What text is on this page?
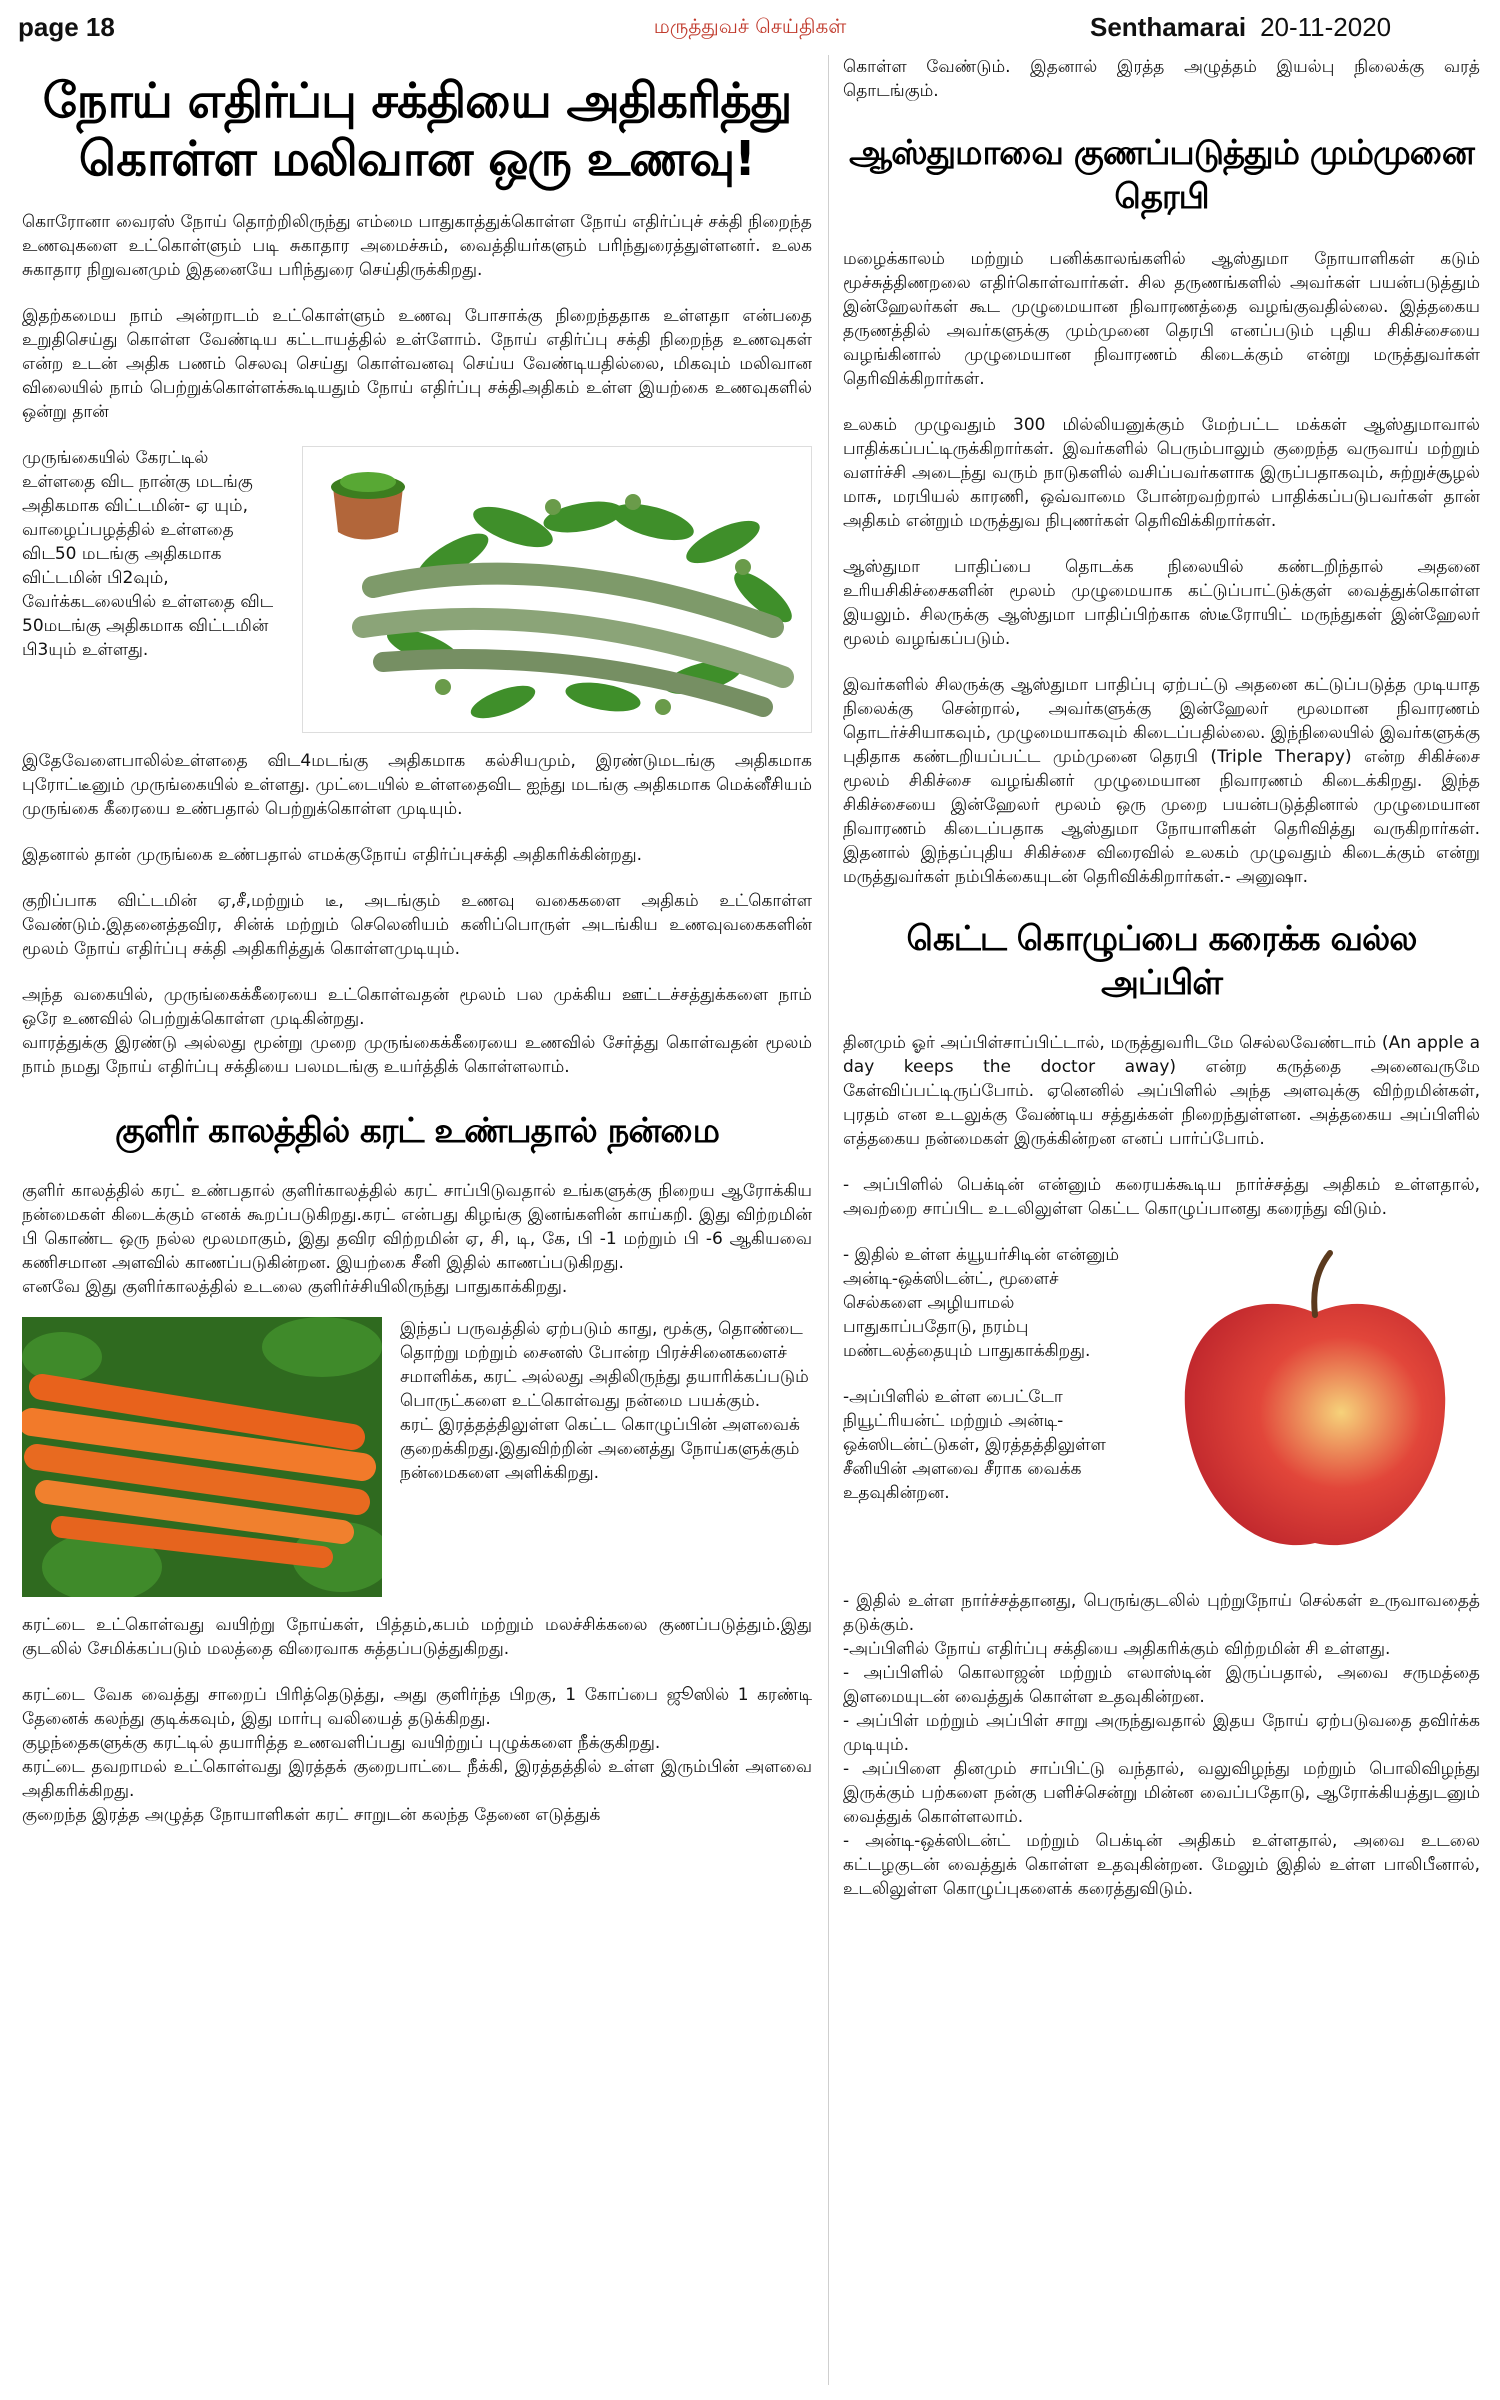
page 18	மருத்துவச் செய்திகள்	Senthamarai 20-11-2020
நோய் எதிர்ப்பு சக்தியை அதிகரித்து
கொள்ள மலிவான ஒரு உணவு!

கொரோனா வைரஸ் நோய் தொற்றிலிருந்து எம்மை பாதுகாத்துக்கொள்ள நோய் எதிர்ப்புச் சக்தி நிறைந்த உணவுகளை உட்கொள்ளும் படி சுகாதார அமைச்சும், வைத்தியர்களும் பரிந்துரைத்துள்ளனர். உலக சுகாதார நிறுவனமும் இதனையே பரிந்துரை செய்திருக்கிறது.

இதற்கமைய நாம் அன்றாடம் உட்கொள்ளும் உணவு போசாக்கு நிறைந்ததாக உள்ளதா என்பதை உறுதிசெய்து கொள்ள வேண்டிய கட்டாயத்தில் உள்ளோம். நோய் எதிர்ப்பு சக்தி நிறைந்த உணவுகள் என்ற உடன் அதிக பணம் செலவு செய்து கொள்வனவு செய்ய வேண்டியதில்லை, மிகவும் மலிவான விலையில் நாம் பெற்றுக்கொள்ளக்கூடியதும் நோய் எதிர்ப்பு சக்திஅதிகம் உள்ள இயற்கை உணவுகளில் ஒன்று தான்

முருங்கையில் கேரட்டில் உள்ளதை விட நான்கு மடங்கு அதிகமாக விட்டமின்- ஏ யும், வாழைப்பழத்தில் உள்ளதை விட50 மடங்கு அதிகமாக விட்டமின் பி2வும், வேர்க்கடலையில் உள்ளதை விட 50மடங்கு அதிகமாக விட்டமின் பி3யும் உள்ளது.

இதேவேளைபாலில்உள்ளதை விட4மடங்கு அதிகமாக கல்சியமும், இரண்டுமடங்கு அதிகமாக புரோட்டீனும் முருங்கையில் உள்ளது. முட்டையில் உள்ளதைவிட ஐந்து மடங்கு அதிகமாக மெக்னீசியம் முருங்கை கீரையை உண்பதால் பெற்றுக்கொள்ள முடியும்.

இதனால் தான் முருங்கை உண்பதால் எமக்குநோய் எதிர்ப்புசக்தி அதிகரிக்கின்றது.

குறிப்பாக விட்டமின் ஏ,சீ,மற்றும் டீ, அடங்கும் உணவு வகைகளை அதிகம் உட்கொள்ள வேண்டும்.இதனைத்தவிர, சின்க் மற்றும் செலெனியம் கனிப்பொருள் அடங்கிய உணவுவகைகளின் மூலம் நோய் எதிர்ப்பு சக்தி அதிகரித்துக் கொள்ளமுடியும்.

அந்த வகையில், முருங்கைக்கீரையை உட்கொள்வதன் மூலம் பல முக்கிய ஊட்டச்சத்துக்களை நாம் ஒரே உணவில் பெற்றுக்கொள்ள முடிகின்றது.

வாரத்துக்கு இரண்டு அல்லது மூன்று முறை முருங்கைக்கீரையை உணவில் சேர்த்து கொள்வதன் மூலம் நாம் நமது நோய் எதிர்ப்பு சக்தியை பலமடங்கு உயர்த்திக் கொள்ளலாம்.

குளிர் காலத்தில் கரட் உண்பதால் நன்மை

குளிர் காலத்தில் கரட் உண்பதால் குளிர்காலத்தில் கரட் சாப்பிடுவதால் உங்களுக்கு நிறைய ஆரோக்கிய நன்மைகள் கிடைக்கும் எனக் கூறப்படுகிறது.கரட் என்பது கிழங்கு இனங்களின் காய்கறி. இது விற்றமின் பி கொண்ட ஒரு நல்ல மூலமாகும், இது தவிர விற்றமின் ஏ, சி, டி, கே, பி -1 மற்றும் பி -6 ஆகியவை கணிசமான அளவில் காணப்படுகின்றன. இயற்கை சீனி இதில் காணப்படுகிறது.

எனவே இது குளிர்காலத்தில் உடலை குளிர்ச்சியிலிருந்து பாதுகாக்கிறது.

இந்தப் பருவத்தில் ஏற்படும் காது, மூக்கு, தொண்டை தொற்று மற்றும் சைனஸ் போன்ற பிரச்சினைகளைச் சமாளிக்க, கரட் அல்லது அதிலிருந்து தயாரிக்கப்படும் பொருட்களை உட்கொள்வது நன்மை பயக்கும்.

கரட் இரத்தத்திலுள்ள கெட்ட கொழுப்பின் அளவைக் குறைக்கிறது.இதுவிற்றின் அனைத்து நோய்களுக்கும் நன்மைகளை அளிக்கிறது.

கரட்டை உட்கொள்வது வயிற்று நோய்கள், பித்தம்,கபம் மற்றும் மலச்சிக்கலை குணப்படுத்தும்.இது குடலில் சேமிக்கப்படும் மலத்தை விரைவாக சுத்தப்படுத்துகிறது.

கரட்டை வேக வைத்து சாறைப் பிரித்தெடுத்து, அது குளிர்ந்த பிறகு, 1 கோப்பை ஜூஸில் 1 கரண்டி தேனைக் கலந்து குடிக்கவும், இது மார்பு வலியைத் தடுக்கிறது.

குழந்தைகளுக்கு கரட்டில் தயாரித்த உணவளிப்பது வயிற்றுப் புழுக்களை நீக்குகிறது.

கரட்டை தவறாமல் உட்கொள்வது இரத்தக் குறைபாட்டை நீக்கி, இரத்தத்தில் உள்ள இரும்பின் அளவை அதிகரிக்கிறது.

குறைந்த இரத்த அழுத்த நோயாளிகள் கரட் சாறுடன் கலந்த தேனை எடுத்துக்

கொள்ள வேண்டும். இதனால் இரத்த அழுத்தம் இயல்பு நிலைக்கு வரத் தொடங்கும்.

ஆஸ்துமாவை குணப்படுத்தும் மும்முனை தெரபி

மழைக்காலம் மற்றும் பனிக்காலங்களில் ஆஸ்துமா நோயாளிகள் கடும் மூச்சுத்திணறலை எதிர்கொள்வார்கள். சில தருணங்களில் அவர்கள் பயன்படுத்தும் இன்ஹேலர்கள் கூட முழுமையான நிவாரணத்தை வழங்குவதில்லை. இத்தகைய தருணத்தில் அவர்களுக்கு மும்முனை தெரபி எனப்படும் புதிய சிகிச்சையை வழங்கினால் முழுமையான நிவாரணம் கிடைக்கும் என்று மருத்துவர்கள் தெரிவிக்கிறார்கள்.

உலகம் முழுவதும் 300 மில்லியனுக்கும் மேற்பட்ட மக்கள் ஆஸ்துமாவால் பாதிக்கப்பட்டிருக்கிறார்கள். இவர்களில் பெரும்பாலும் குறைந்த வருவாய் மற்றும் வளர்ச்சி அடைந்து வரும் நாடுகளில் வசிப்பவர்களாக இருப்பதாகவும், சுற்றுச்சூழல் மாசு, மரபியல் காரணி, ஒவ்வாமை போன்றவற்றால் பாதிக்கப்படுபவர்கள் தான் அதிகம் என்றும் மருத்துவ நிபுணர்கள் தெரிவிக்கிறார்கள்.

ஆஸ்துமா பாதிப்பை தொடக்க நிலையில் கண்டறிந்தால் அதனை உரியசிகிச்சைகளின் மூலம் முழுமையாக கட்டுப்பாட்டுக்குள் வைத்துக்கொள்ள இயலும். சிலருக்கு ஆஸ்துமா பாதிப்பிற்காக ஸ்டீரோயிட் மருந்துகள் இன்ஹேலர் மூலம் வழங்கப்படும்.

இவர்களில் சிலருக்கு ஆஸ்துமா பாதிப்பு ஏற்பட்டு அதனை கட்டுப்படுத்த முடியாத நிலைக்கு சென்றால், அவர்களுக்கு இன்ஹேலர் மூலமான நிவாரணம் தொடர்ச்சியாகவும், முழுமையாகவும் கிடைப்பதில்லை. இந்நிலையில் இவர்களுக்கு புதிதாக கண்டறியப்பட்ட மும்முனை தெரபி (Triple Therapy) என்ற சிகிச்சை மூலம் சிகிச்சை வழங்கினர் முழுமையான நிவாரணம் கிடைக்கிறது. இந்த சிகிச்சையை இன்ஹேலர் மூலம் ஒரு முறை பயன்படுத்தினால் முழுமையான நிவாரணம் கிடைப்பதாக ஆஸ்துமா நோயாளிகள் தெரிவித்து வருகிறார்கள். இதனால் இந்தப்புதிய சிகிச்சை விரைவில் உலகம் முழுவதும் கிடைக்கும் என்று மருத்துவர்கள் நம்பிக்கையுடன் தெரிவிக்கிறார்கள்.- அனுஷா.

கெட்ட கொழுப்பை கரைக்க வல்ல அப்பிள்

தினமும் ஓர் அப்பிள்சாப்பிட்டால், மருத்துவரிடமே செல்லவேண்டாம் (An apple a day keeps the doctor away) என்ற கருத்தை அனைவருமே கேள்விப்பட்டிருப்போம். ஏனெனில் அப்பிளில் அந்த அளவுக்கு விற்றமின்கள், புரதம் என உடலுக்கு வேண்டிய சத்துக்கள் நிறைந்துள்ளன. அத்தகைய அப்பிளில் எத்தகைய நன்மைகள் இருக்கின்றன எனப் பார்ப்போம்.

- அப்பிளில் பெக்டின் என்னும் கரையக்கூடிய நார்ச்சத்து அதிகம் உள்ளதால், அவற்றை சாப்பிட உடலிலுள்ள கெட்ட கொழுப்பானது கரைந்து விடும்.

- இதில் உள்ள க்யூயர்சிடின் என்னும் அன்டி-ஒக்ஸிடன்ட், மூளைச் செல்களை அழியாமல் பாதுகாப்பதோடு, நரம்பு மண்டலத்தையும் பாதுகாக்கிறது.

-அப்பிளில் உள்ள பைட்டோ நியூட்ரியன்ட் மற்றும் அன்டி-ஒக்ஸிடன்ட்டுகள், இரத்தத்திலுள்ள சீனியின் அளவை சீராக வைக்க உதவுகின்றன.

- இதில் உள்ள நார்ச்சத்தானது, பெருங்குடலில் புற்றுநோய் செல்கள் உருவாவதைத் தடுக்கும்.

-அப்பிளில் நோய் எதிர்ப்பு சக்தியை அதிகரிக்கும் விற்றமின் சி உள்ளது.

- அப்பிளில் கொலாஜன் மற்றும் எலாஸ்டின் இருப்பதால், அவை சருமத்தை இளமையுடன் வைத்துக் கொள்ள உதவுகின்றன.

- அப்பிள் மற்றும் அப்பிள் சாறு அருந்துவதால் இதய நோய் ஏற்படுவதை தவிர்க்க முடியும்.

- அப்பிளை தினமும் சாப்பிட்டு வந்தால், வலுவிழந்து மற்றும் பொலிவிழந்து இருக்கும் பற்களை நன்கு பளிச்சென்று மின்ன வைப்பதோடு, ஆரோக்கியத்துடனும் வைத்துக் கொள்ளலாம்.

- அன்டி-ஒக்ஸிடன்ட் மற்றும் பெக்டின் அதிகம் உள்ளதால், அவை உடலை கட்டழகுடன் வைத்துக் கொள்ள உதவுகின்றன. மேலும் இதில் உள்ள பாலிபீனால், உடலிலுள்ள கொழுப்புகளைக் கரைத்துவிடும்.
